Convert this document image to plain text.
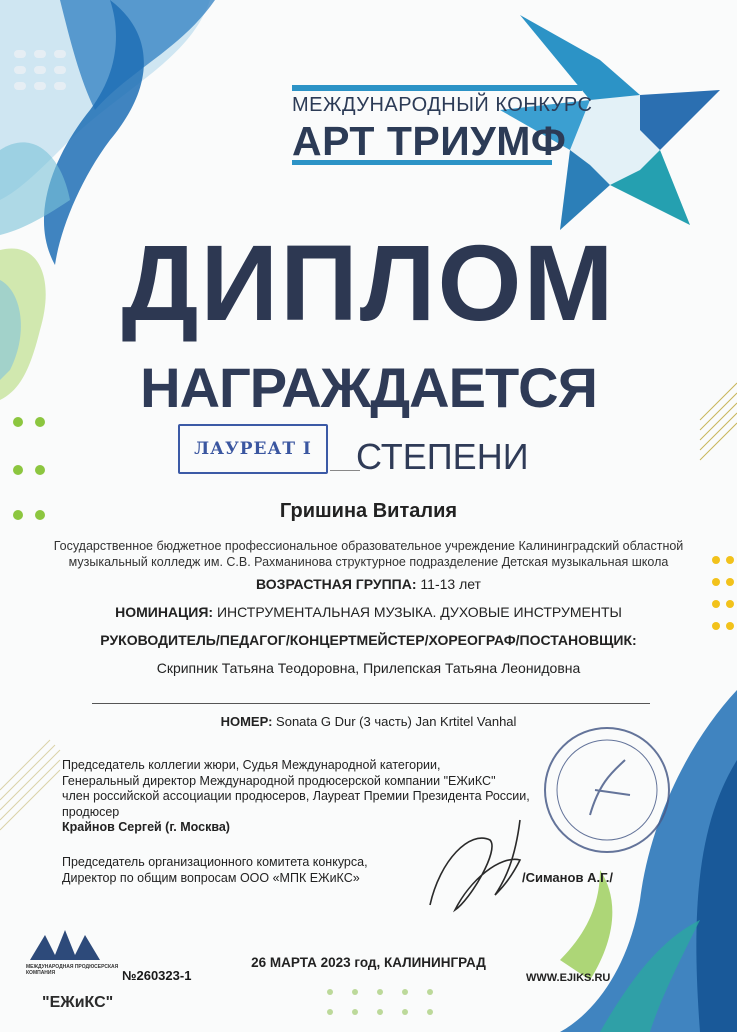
МЕЖДУНАРОДНЫЙ КОНКУРС
АРТ ТРИУМФ
ДИПЛОМ
НАГРАЖДАЕТСЯ
ЛАУРЕАТ I	СТЕПЕНИ
Гришина Виталия
Государственное бюджетное профессиональное образовательное учреждение Калининградский областной музыкальный колледж им. С.В. Рахманинова структурное подразделение Детская музыкальная школа
ВОЗРАСТНАЯ ГРУППА: 11-13 лет
НОМИНАЦИЯ: ИНСТРУМЕНТАЛЬНАЯ МУЗЫКА. ДУХОВЫЕ ИНСТРУМЕНТЫ
РУКОВОДИТЕЛЬ/ПЕДАГОГ/КОНЦЕРТМЕЙСТЕР/ХОРЕОГРАФ/ПОСТАНОВЩИК:
Скрипник Татьяна Теодоровна, Прилепская Татьяна Леонидовна
НОМЕР: Sonata G Dur (3 часть) Jan Krtitel Vanhal
Председатель коллегии жюри, Судья Международной категории,
Генеральный директор Международной продюсерской компании "ЕЖиКС"
член российской ассоциации продюсеров, Лауреат Премии Президента России,
продюсер
Крайнов Сергей (г. Москва)
Председатель организационного комитета конкурса,
Директор по общим вопросам ООО «МПК ЕЖиКС»	/Симанов А.Г./
26 МАРТА 2023 год, КАЛИНИНГРАД
WWW.EJIKS.RU
№260323-1
МЕЖДУНАРОДНАЯ ПРОДЮСЕРСКАЯ КОМПАНИЯ
"ЕЖиКС"
